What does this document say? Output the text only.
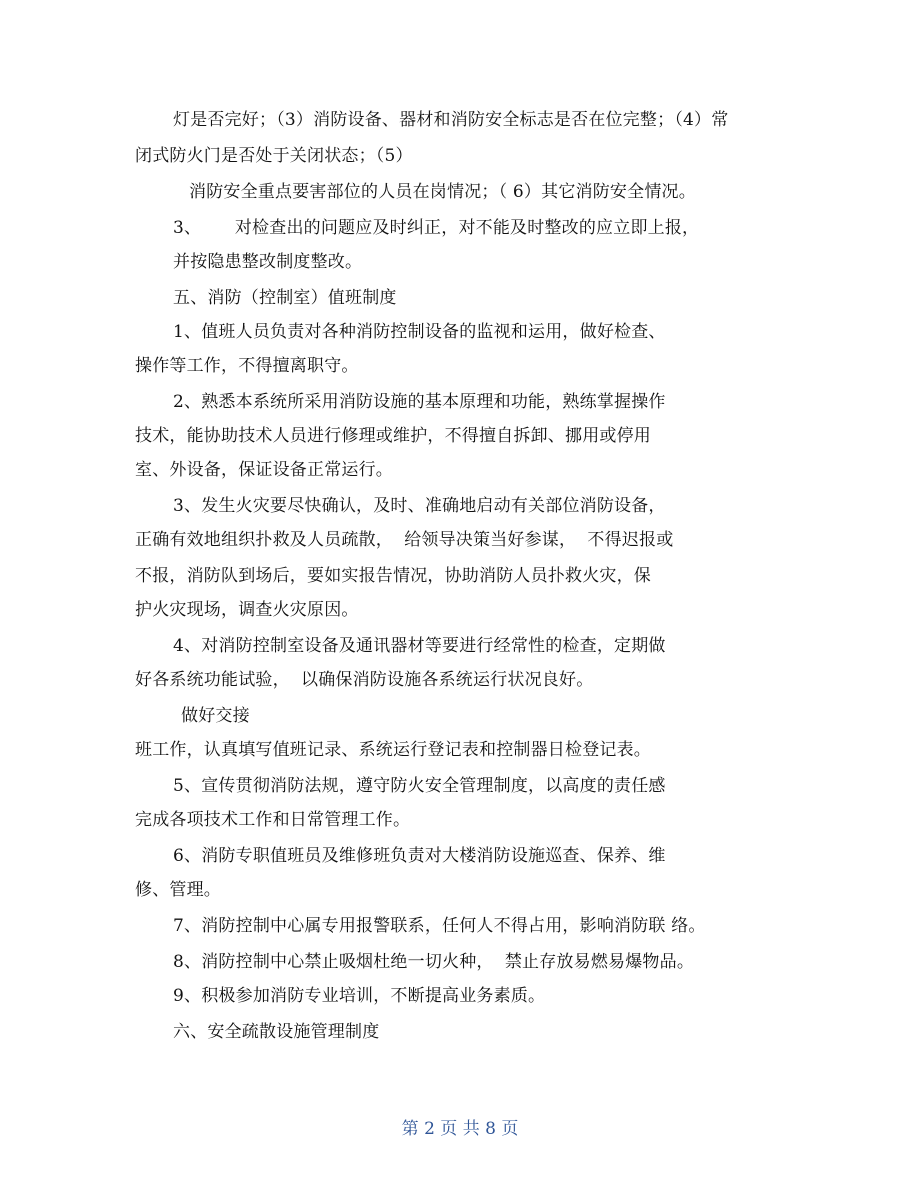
灯是否完好；（3）消防设备、器材和消防安全标志是否在位完整；（4）常
闭式防火门是否处于关闭状态；（5）
消防安全重点要害部位的人员在岗情况；（ 6）其它消防安全情况。
3、      对检查出的问题应及时纠正，对不能及时整改的应立即上报，
并按隐患整改制度整改。
五、消防（控制室）值班制度
1、值班人员负责对各种消防控制设备的监视和运用，做好检查、
操作等工作，不得擅离职守。
2、熟悉本系统所采用消防设施的基本原理和功能，熟练掌握操作
技术，能协助技术人员进行修理或维护，不得擅自拆卸、挪用或停用
室、外设备，保证设备正常运行。
3、发生火灾要尽快确认，及时、准确地启动有关部位消防设备，
正确有效地组织扑救及人员疏散，  给领导决策当好参谋，  不得迟报或
不报，消防队到场后，要如实报告情况，协助消防人员扑救火灾，保
护火灾现场，调查火灾原因。
4、对消防控制室设备及通讯器材等要进行经常性的检查，定期做
好各系统功能试验，  以确保消防设施各系统运行状况良好。
做好交接
班工作，认真填写值班记录、系统运行登记表和控制器日检登记表。
5、宣传贯彻消防法规，遵守防火安全管理制度，以高度的责任感
完成各项技术工作和日常管理工作。
6、消防专职值班员及维修班负责对大楼消防设施巡查、保养、维
修、管理。
7、消防控制中心属专用报警联系，任何人不得占用，影响消防联 络。
8、消防控制中心禁止吸烟杜绝一切火种，  禁止存放易燃易爆物品。
9、积极参加消防专业培训，不断提高业务素质。
六、安全疏散设施管理制度
第 2 页 共 8 页
